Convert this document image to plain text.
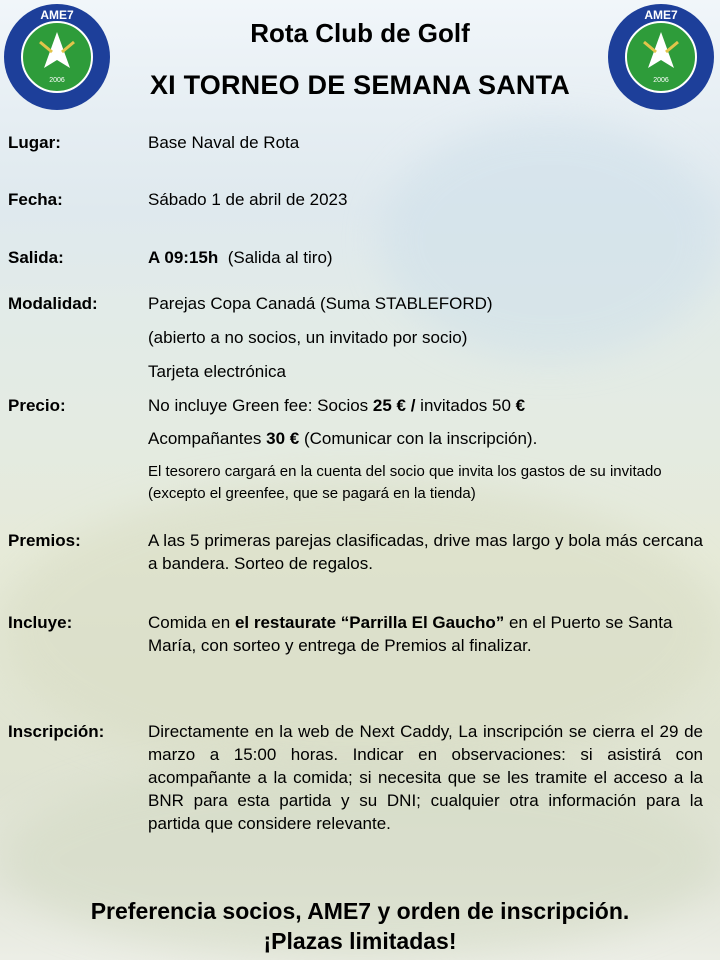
2006
AME7
2006
AME7
Rota Club de Golf
XI TORNEO DE SEMANA SANTA
Lugar:	Base Naval de Rota
Fecha:	Sábado 1 de abril de 2023
Salida:	A 09:15h (Salida al tiro)
Modalidad:	Parejas Copa Canadá (Suma STABLEFORD)
(abierto a no socios, un invitado por socio)
Tarjeta electrónica
Precio:	No incluye Green fee: Socios 25 € / invitados 50 €
Acompañantes 30 € (Comunicar con la inscripción).
El tesorero cargará en la cuenta del socio que invita los gastos de su invitado (excepto el greenfee, que se pagará en la tienda)
Premios:	A las 5 primeras parejas clasificadas, drive mas largo y bola más cercana a bandera. Sorteo de regalos.
Incluye:	Comida en el restaurate “Parrilla El Gaucho” en el Puerto se Santa María, con sorteo y entrega de Premios al finalizar.
Inscripción:	Directamente en la web de Next Caddy, La inscripción se cierra el 29 de marzo a 15:00 horas. Indicar en observaciones: si asistirá con acompañante a la comida; si necesita que se les tramite el acceso a la BNR para esta partida y su DNI; cualquier otra información para la partida que considere relevante.
Preferencia socios, AME7 y orden de inscripción.
¡Plazas limitadas!
